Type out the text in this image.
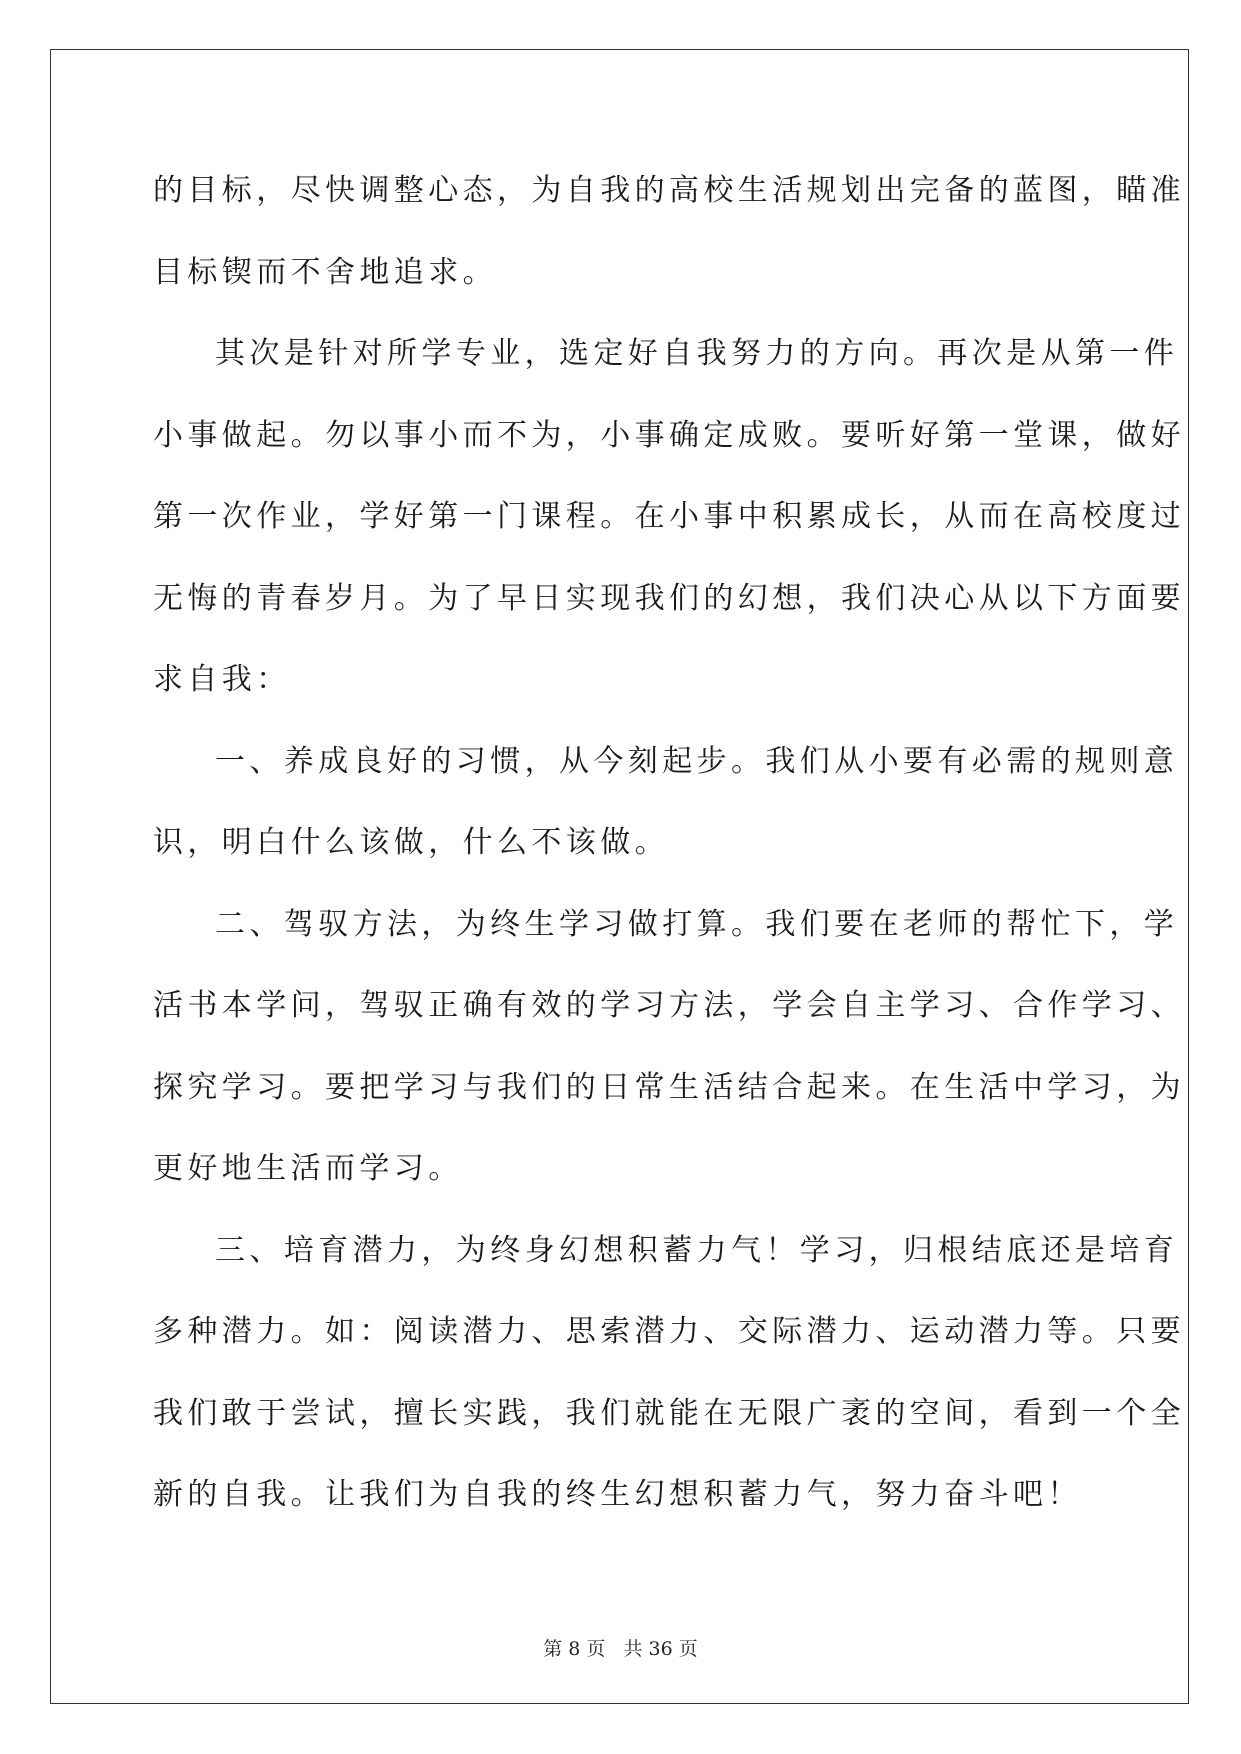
的目标，尽快调整心态，为自我的高校生活规划出完备的蓝图，瞄准
目标锲而不舍地追求。
其次是针对所学专业，选定好自我努力的方向。再次是从第一件
小事做起。勿以事小而不为，小事确定成败。要听好第一堂课，做好
第一次作业，学好第一门课程。在小事中积累成长，从而在高校度过
无悔的青春岁月。为了早日实现我们的幻想，我们决心从以下方面要
求自我：
一、养成良好的习惯，从今刻起步。我们从小要有必需的规则意
识，明白什么该做，什么不该做。
二、驾驭方法，为终生学习做打算。我们要在老师的帮忙下，学
活书本学问，驾驭正确有效的学习方法，学会自主学习、合作学习、
探究学习。要把学习与我们的日常生活结合起来。在生活中学习，为
更好地生活而学习。
三、培育潜力，为终身幻想积蓄力气！学习，归根结底还是培育
多种潜力。如：阅读潜力、思索潜力、交际潜力、运动潜力等。只要
我们敢于尝试，擅长实践，我们就能在无限广袤的空间，看到一个全
新的自我。让我们为自我的终生幻想积蓄力气，努力奋斗吧！
第 8 页   共 36 页
